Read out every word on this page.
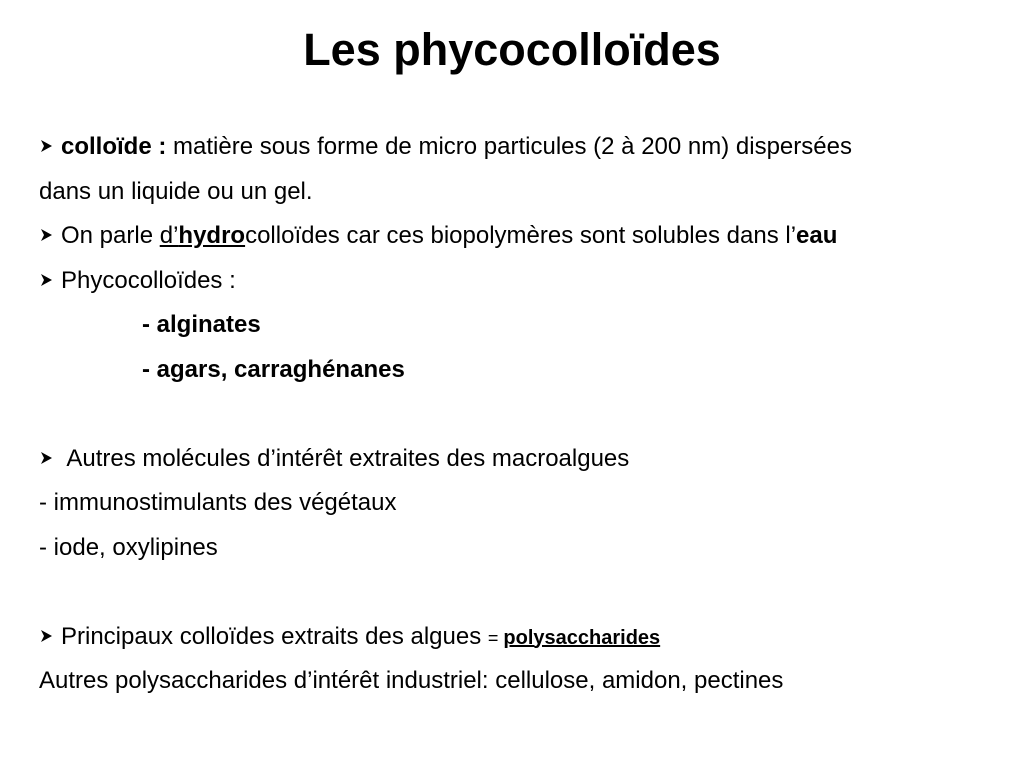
Les phycocolloïdes
colloïde : matière sous forme de micro particules (2 à 200 nm) dispersées
dans un liquide ou un gel.
On parle d’hydrocolloïdes car ces biopolymères sont solubles dans l’eau
Phycocolloïdes :
- alginates
- agars, carraghénanes
Autres molécules d’intérêt extraites des macroalgues
- immunostimulants des végétaux
- iode, oxylipines
Principaux colloïdes extraits des algues = polysaccharides
Autres polysaccharides d’intérêt industriel: cellulose, amidon, pectines
